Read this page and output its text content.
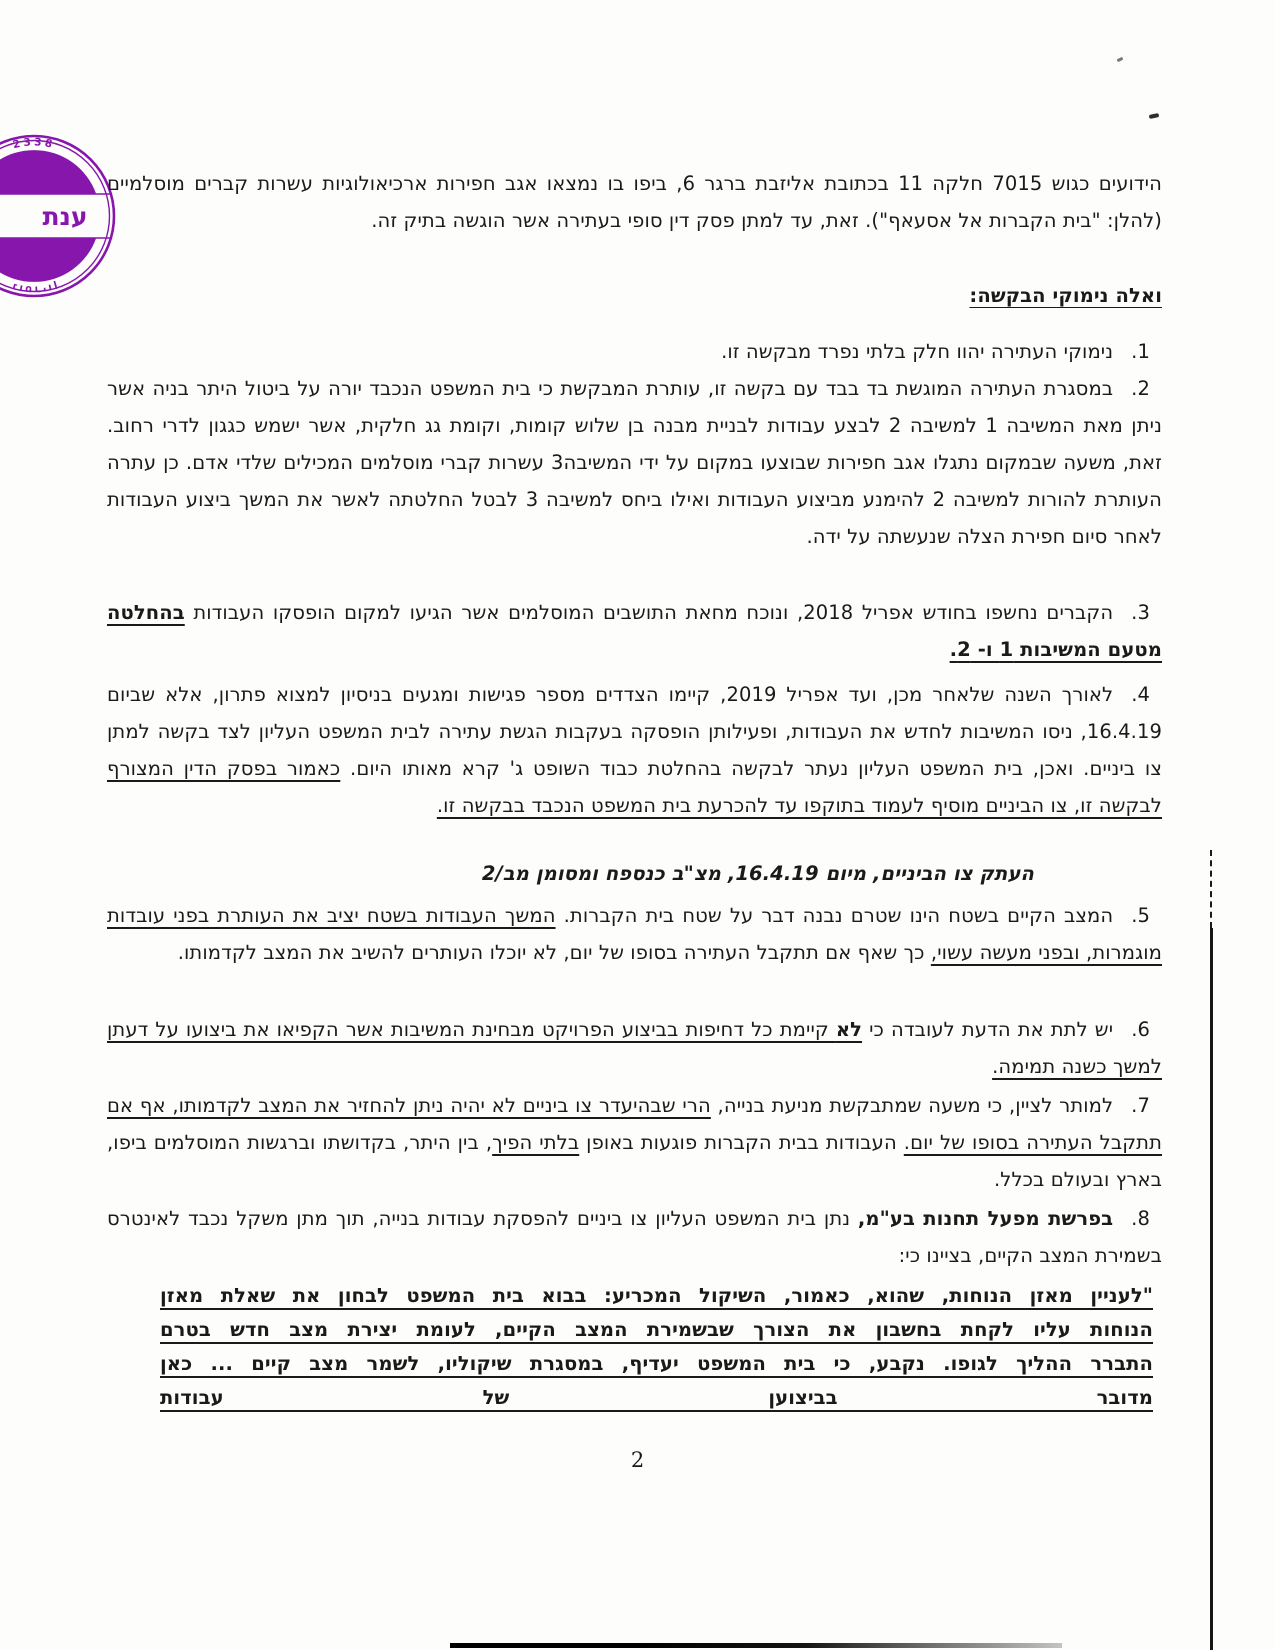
2338
נוטריון
ענת

הידועים כגוש 7015 חלקה 11 בכתובת אליזבת ברגר 6, ביפו בו נמצאו אגב חפירות ארכיאולוגיות עשרות קברים מוסלמיים (להלן: "בית הקברות אל אסעאף"). זאת, עד למתן פסק דין סופי בעתירה אשר הוגשה בתיק זה.

ואלה נימוקי הבקשה:
1.נימוקי העתירה יהוו חלק בלתי נפרד מבקשה זו.
2.במסגרת העתירה המוגשת בד בבד עם בקשה זו, עותרת המבקשת כי בית המשפט הנכבד יורה על ביטול היתר בניה אשר ניתן מאת המשיבה 1 למשיבה 2 לבצע עבודות לבניית מבנה בן שלוש קומות, וקומת גג חלקית, אשר ישמש כגגון לדרי רחוב. זאת, משעה שבמקום נתגלו אגב חפירות שבוצעו במקום על ידי המשיבה3 עשרות קברי מוסלמים המכילים שלדי אדם. כן עתרה העותרת להורות למשיבה 2 להימנע מביצוע העבודות ואילו ביחס למשיבה 3 לבטל החלטתה לאשר את המשך ביצוע העבודות לאחר סיום חפירת הצלה שנעשתה על ידה.
3.הקברים נחשפו בחודש אפריל 2018, ונוכח מחאת התושבים המוסלמים אשר הגיעו למקום הופסקו העבודות בהחלטה מטעם המשיבות 1 ו- 2.
4.לאורך השנה שלאחר מכן, ועד אפריל 2019, קיימו הצדדים מספר פגישות ומגעים בניסיון למצוא פתרון, אלא שביום 16.4.19, ניסו המשיבות לחדש את העבודות, ופעילותן הופסקה בעקבות הגשת עתירה לבית המשפט העליון לצד בקשה למתן צו ביניים. ואכן, בית המשפט העליון נעתר לבקשה בהחלטת כבוד השופט ג' קרא מאותו היום. כאמור בפסק הדין המצורף לבקשה זו, צו הביניים מוסיף לעמוד בתוקפו עד להכרעת בית המשפט הנכבד בבקשה זו.
העתק צו הביניים, מיום 16.4.19, מצ"ב כנספח ומסומן מב/2
5.המצב הקיים בשטח הינו שטרם נבנה דבר על שטח בית הקברות. המשך העבודות בשטח יציב את העותרת בפני עובדות מוגמרות, ובפני מעשה עשוי, כך שאף אם תתקבל העתירה בסופו של יום, לא יוכלו העותרים להשיב את המצב לקדמותו.
6.יש לתת את הדעת לעובדה כי לא קיימת כל דחיפות בביצוע הפרויקט מבחינת המשיבות אשר הקפיאו את ביצועו על דעתן למשך כשנה תמימה.
7.למותר לציין, כי משעה שמתבקשת מניעת בנייה, הרי שבהיעדר צו ביניים לא יהיה ניתן להחזיר את המצב לקדמותו, אף אם תתקבל העתירה בסופו של יום. העבודות בבית הקברות פוגעות באופן בלתי הפיך, בין היתר, בקדושתו וברגשות המוסלמים ביפו, בארץ ובעולם בכלל.
8.בפרשת מפעל תחנות בע"מ, נתן בית המשפט העליון צו ביניים להפסקת עבודות בנייה, תוך מתן משקל נכבד לאינטרס בשמירת המצב הקיים, בציינו כי:
"לעניין מאזן הנוחות, שהוא, כאמור, השיקול המכריע: בבוא בית המשפט לבחון את שאלת מאזן הנוחות עליו לקחת בחשבון את הצורך שבשמירת המצב הקיים, לעומת יצירת מצב חדש בטרם התברר ההליך לגופו. נקבע, כי בית המשפט יעדיף, במסגרת שיקוליו, לשמר מצב קיים ... כאן מדובר בביצוען של עבודות
2
